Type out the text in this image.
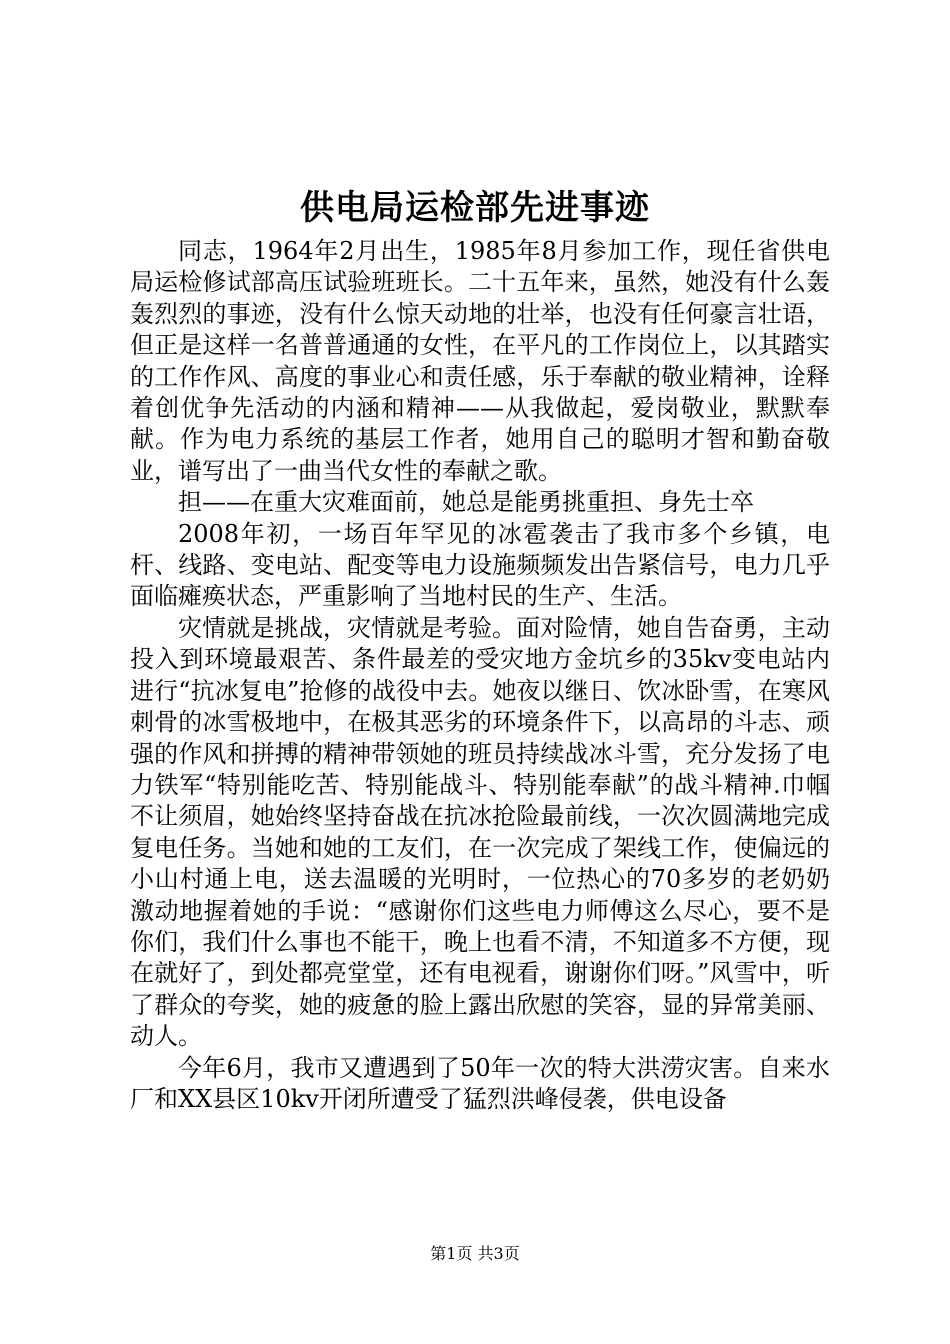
供电局运检部先进事迹

同志，1964年2月出生，1985年8月参加工作，现任省供电局运检修试部高压试验班班长。二十五年来，虽然，她没有什么轰轰烈烈的事迹，没有什么惊天动地的壮举，也没有任何豪言壮语，但正是这样一名普普通通的女性，在平凡的工作岗位上，以其踏实的工作作风、高度的事业心和责任感，乐于奉献的敬业精神，诠释着创优争先活动的内涵和精神——从我做起，爱岗敬业，默默奉献。作为电力系统的基层工作者，她用自己的聪明才智和勤奋敬业，谱写出了一曲当代女性的奉献之歌。

担——在重大灾难面前，她总是能勇挑重担、身先士卒

2008年初，一场百年罕见的冰雹袭击了我市多个乡镇，电杆、线路、变电站、配变等电力设施频频发出告紧信号，电力几乎面临瘫痪状态，严重影响了当地村民的生产、生活。

灾情就是挑战，灾情就是考验。面对险情，她自告奋勇，主动投入到环境最艰苦、条件最差的受灾地方金坑乡的35kv变电站内进行“抗冰复电”抢修的战役中去。她夜以继日、饮冰卧雪，在寒风刺骨的冰雪极地中，在极其恶劣的环境条件下，以高昂的斗志、顽强的作风和拼搏的精神带领她的班员持续战冰斗雪，充分发扬了电力铁军“特别能吃苦、特别能战斗、特别能奉献”的战斗精神.巾帼不让须眉，她始终坚持奋战在抗冰抢险最前线，一次次圆满地完成复电任务。当她和她的工友们，在一次完成了架线工作，使偏远的小山村通上电，送去温暖的光明时，一位热心的70多岁的老奶奶激动地握着她的手说：“感谢你们这些电力师傅这么尽心，要不是你们，我们什么事也不能干，晚上也看不清，不知道多不方便，现在就好了，到处都亮堂堂，还有电视看，谢谢你们呀。”风雪中，听了群众的夸奖，她的疲惫的脸上露出欣慰的笑容，显的异常美丽、动人。

今年6月，我市又遭遇到了50年一次的特大洪涝灾害。自来水厂和XX县区10kv开闭所遭受了猛烈洪峰侵袭，供电设备

第1页 共3页
